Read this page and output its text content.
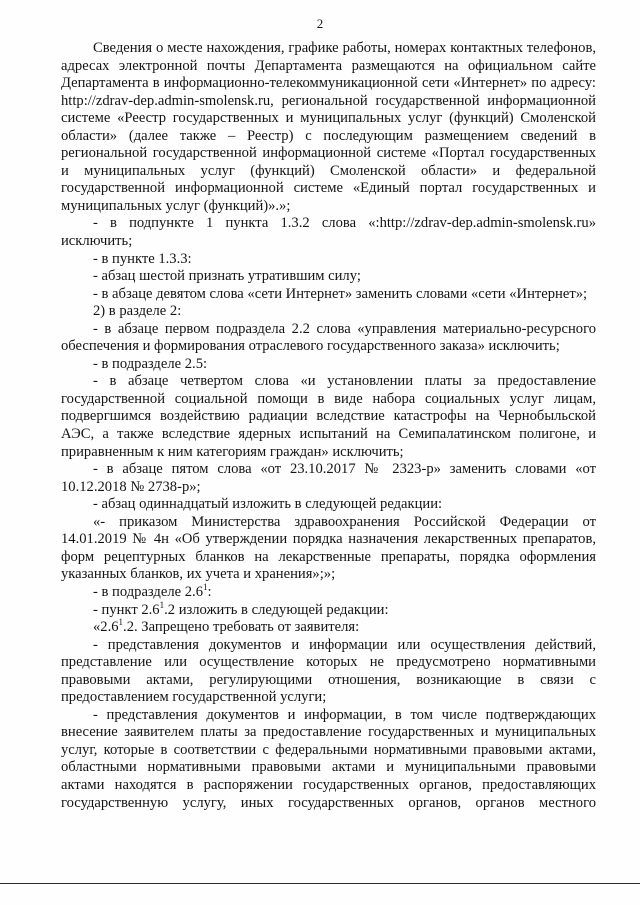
2

Сведения о месте нахождения, графике работы, номерах контактных телефонов, адресах электронной почты Департамента размещаются на официальном сайте Департамента в информационно-телекоммуникационной сети «Интернет» по адресу: http://zdrav-dep.admin-smolensk.ru, региональной государственной информационной системе «Реестр государственных и муниципальных услуг (функций) Смоленской области» (далее также – Реестр) с последующим размещением сведений в региональной государственной информационной системе «Портал государственных и муниципальных услуг (функций) Смоленской области» и федеральной государственной информационной системе «Единый портал государственных и муниципальных услуг (функций)».»;

- в подпункте 1 пункта 1.3.2 слова «:http://zdrav-dep.admin-smolensk.ru» исключить;

- в пункте 1.3.3:

- абзац шестой признать утратившим силу;

- в абзаце девятом слова «сети Интернет» заменить словами «сети «Интернет»;

2) в разделе 2:

- в абзаце первом подраздела 2.2 слова «управления материально-ресурсного обеспечения и формирования отраслевого государственного заказа» исключить;

- в подразделе 2.5:

- в абзаце четвертом слова «и установлении платы за предоставление государственной социальной помощи в виде набора социальных услуг лицам, подвергшимся воздействию радиации вследствие катастрофы на Чернобыльской АЭС, а также вследствие ядерных испытаний на Семипалатинском полигоне, и приравненным к ним категориям граждан» исключить;

- в абзаце пятом слова «от 23.10.2017 № 2323-р» заменить словами «от 10.12.2018 № 2738-р»;

- абзац одиннадцатый изложить в следующей редакции:

«- приказом Министерства здравоохранения Российской Федерации от 14.01.2019 № 4н «Об утверждении порядка назначения лекарственных препаратов, форм рецептурных бланков на лекарственные препараты, порядка оформления указанных бланков, их учета и хранения»;»;

- в подразделе $2.6^1$:

- пункт $2.6^1.2$ изложить в следующей редакции:

«$2.6^1.2$. Запрещено требовать от заявителя:

- представления документов и информации или осуществления действий, представление или осуществление которых не предусмотрено нормативными правовыми актами, регулирующими отношения, возникающие в связи с предоставлением государственной услуги;

- представления документов и информации, в том числе подтверждающих внесение заявителем платы за предоставление государственных и муниципальных услуг, которые в соответствии с федеральными нормативными правовыми актами, областными нормативными правовыми актами и муниципальными правовыми актами находятся в распоряжении государственных органов, предоставляющих государственную услугу, иных государственных органов, органов местного
